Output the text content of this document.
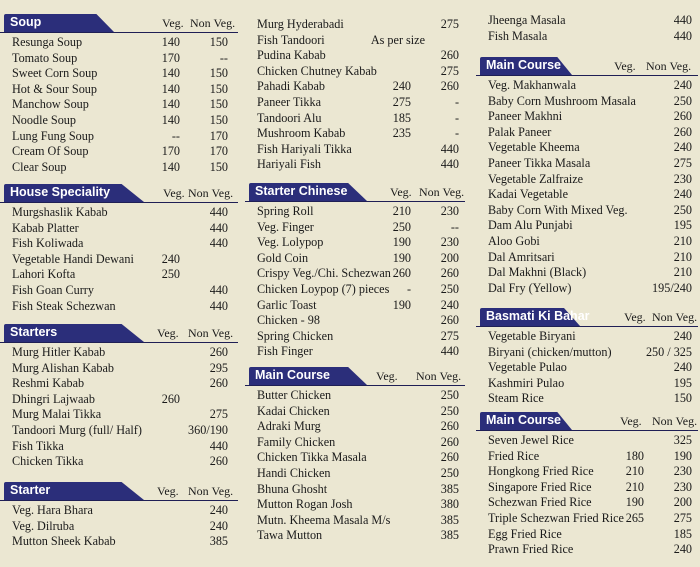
Soup	Veg. Non Veg.
Resunga Soup	140 150
Tomato Soup	170	--
Sweet Corn Soup	140 150
Hot & Sour Soup	140 150
Manchow Soup	140 150
Noodle Soup	140 150
Lung Fung Soup	-- 170
Cream Of Soup	170 170
Clear Soup	140 150
House Speciality	Veg. Non Veg.
Murgshaslik Kabab	440
Kabab Platter	440
Fish Koliwada	440
Vegetable Handi Dewani 240
Lahori Kofta	250
Fish Goan Curry	440
Fish Steak Schezwan	440
Starters	Veg. Non Veg.
Murg Hitler Kabab	260
Murg Alishan Kabab	295
Reshmi Kabab	260
Dhingri Lajwaab	260
Murg Malai Tikka	275
Tandoori Murg (full/ Half)	360/190
Fish Tikka	440
Chicken Tikka	260
Starter	Veg. Non Veg.
Veg. Hara Bhara	240
Veg. Dilruba	240
Mutton Sheek Kabab	385
Murg Hyderabadi	275
Fish Tandoori	As per size
Pudina Kabab	260
Chicken Chutney Kabab	275
Pahadi Kabab	240 260
Paneer Tikka	275	-
Tandoori Alu	185	-
Mushroom Kabab	235	-
Fish Hariyali Tikka	440
Hariyali Fish	440
Starter Chinese	Veg. Non Veg.
Spring Roll	210 230
Veg. Finger	250	--
Veg. Lolypop	190 230
Gold Coin	190 200
Crispy Veg./Chi. Schezwan 260 260
Chicken Loypop (7) pieces - 250
Garlic Toast	190 240
Chicken - 98	260
Spring Chicken	275
Fish Finger	440
Main Course	Veg. Non Veg.
Butter Chicken	250
Kadai Chicken	250
Adraki Murg	260
Family Chicken	260
Chicken Tikka Masala	260
Handi Chicken	250
Bhuna Ghosht	385
Mutton Rogan Josh	380
Mutn. Kheema Masala M/s	385
Tawa Mutton	385
Jheenga Masala	440
Fish Masala	440
Main Course	Veg. Non Veg.
Veg. Makhanwala	240
Baby Corn Mushroom Masala	250
Paneer Makhni	260
Palak Paneer	260
Vegetable Kheema	240
Paneer Tikka Masala	275
Vegetable Zalfraize	230
Kadai Vegetable	240
Baby Corn With Mixed Veg.	250
Dam Alu Punjabi	195
Aloo Gobi	210
Dal Amritsari	210
Dal Makhni (Black)	210
Dal Fry (Yellow)	195/240
Basmati Ki Bahar	Veg. Non Veg.
Vegetable Biryani	240
Biryani (chicken/mutton)	250 / 325
Vegetable Pulao	240
Kashmiri Pulao	195
Steam Rice	150
Main Course	Veg. Non Veg.
Seven Jewel Rice	325
Fried Rice	180 190
Hongkong Fried Rice	210 230
Singapore Fried Rice	210 230
Schezwan Fried Rice	190 200
Triple Schezwan Fried Rice 265 275
Egg Fried Rice	185
Prawn Fried Rice	240
